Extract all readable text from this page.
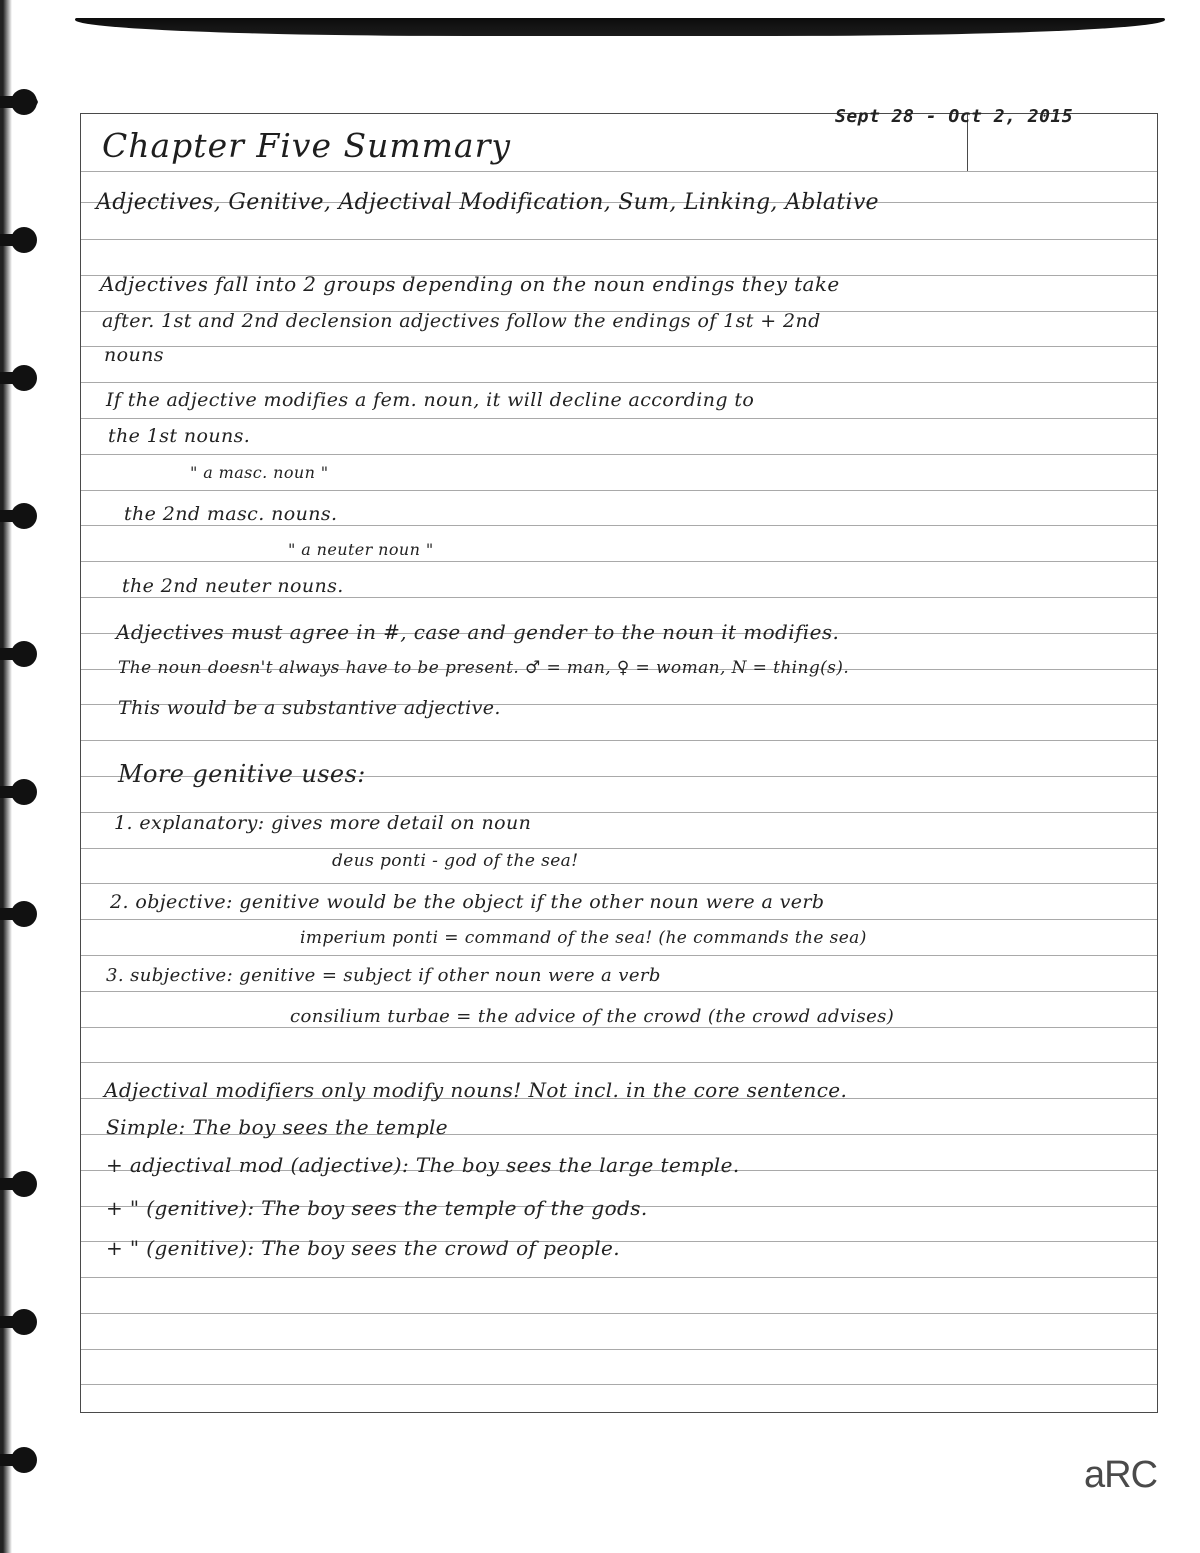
Sept 28 - Oct 2, 2015
Chapter Five Summary
Adjectives, Genitive, Adjectival Modification, Sum, Linking, Ablative
Adjectives fall into 2 groups depending on the noun endings they take
after. 1st and 2nd declension adjectives follow the endings of 1st + 2nd
nouns
If the adjective modifies a fem. noun, it will decline according to
the 1st nouns.
" a masc. noun "
the 2nd masc. nouns.
" a neuter noun "
the 2nd neuter nouns.
Adjectives must agree in #, case and gender to the noun it modifies.
The noun doesn't always have to be present. ♂ = man, ♀ = woman, N = thing(s).
This would be a substantive adjective.
More genitive uses:
1. explanatory: gives more detail on noun
deus ponti - god of the sea!
2. objective: genitive would be the object if the other noun were a verb
imperium ponti = command of the sea! (he commands the sea)
3. subjective: genitive = subject if other noun were a verb
consilium turbae = the advice of the crowd (the crowd advises)
Adjectival modifiers only modify nouns! Not incl. in the core sentence.
Simple: The boy sees the temple
+ adjectival mod (adjective): The boy sees the large temple.
+ " (genitive): The boy sees the temple of the gods.
+ " (genitive): The boy sees the crowd of people.
aRC
